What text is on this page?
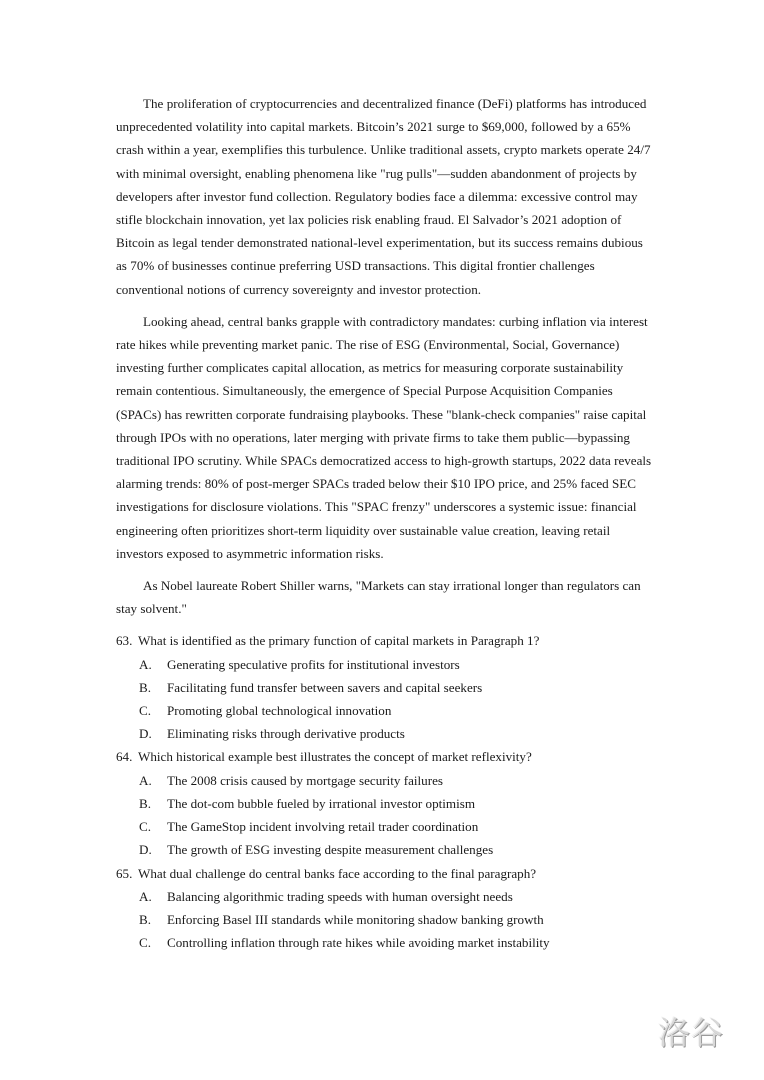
The proliferation of cryptocurrencies and decentralized finance (DeFi) platforms has introduced unprecedented volatility into capital markets. Bitcoin’s 2021 surge to $69,000, followed by a 65% crash within a year, exemplifies this turbulence. Unlike traditional assets, crypto markets operate 24/7 with minimal oversight, enabling phenomena like "rug pulls"—sudden abandonment of projects by developers after investor fund collection. Regulatory bodies face a dilemma: excessive control may stifle blockchain innovation, yet lax policies risk enabling fraud. El Salvador’s 2021 adoption of Bitcoin as legal tender demonstrated national-level experimentation, but its success remains dubious as 70% of businesses continue preferring USD transactions. This digital frontier challenges conventional notions of currency sovereignty and investor protection.

Looking ahead, central banks grapple with contradictory mandates: curbing inflation via interest rate hikes while preventing market panic. The rise of ESG (Environmental, Social, Governance) investing further complicates capital allocation, as metrics for measuring corporate sustainability remain contentious. Simultaneously, the emergence of Special Purpose Acquisition Companies (SPACs) has rewritten corporate fundraising playbooks. These "blank-check companies" raise capital through IPOs with no operations, later merging with private firms to take them public—bypassing traditional IPO scrutiny. While SPACs democratized access to high-growth startups, 2022 data reveals alarming trends: 80% of post-merger SPACs traded below their $10 IPO price, and 25% faced SEC investigations for disclosure violations. This "SPAC frenzy" underscores a systemic issue: financial engineering often prioritizes short-term liquidity over sustainable value creation, leaving retail investors exposed to asymmetric information risks.

As Nobel laureate Robert Shiller warns, "Markets can stay irrational longer than regulators can stay solvent."

63. What is identified as the primary function of capital markets in Paragraph 1?
A.	Generating speculative profits for institutional investors
B.	Facilitating fund transfer between savers and capital seekers
C.	Promoting global technological innovation
D.	Eliminating risks through derivative products
64. Which historical example best illustrates the concept of market reflexivity?
A.	The 2008 crisis caused by mortgage security failures
B.	The dot-com bubble fueled by irrational investor optimism
C.	The GameStop incident involving retail trader coordination
D.	The growth of ESG investing despite measurement challenges
65. What dual challenge do central banks face according to the final paragraph?
A.	Balancing algorithmic trading speeds with human oversight needs
B.	Enforcing Basel III standards while monitoring shadow banking growth
C.	Controlling inflation through rate hikes while avoiding market instability
洛谷
